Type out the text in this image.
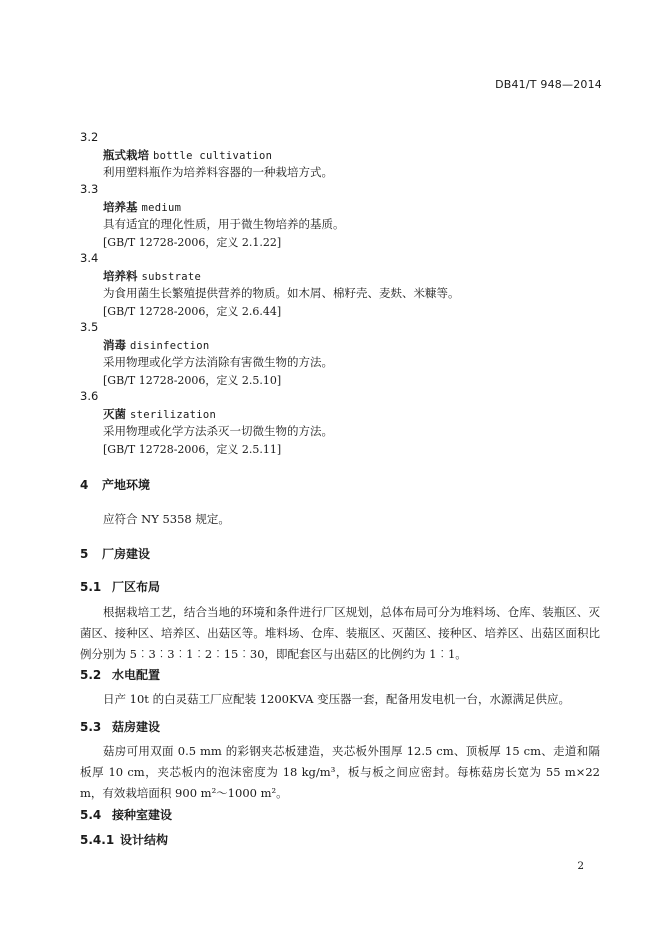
DB41/T 948—2014
3.2
瓶式栽培 bottle cultivation
利用塑料瓶作为培养料容器的一种栽培方式。
3.3
培养基 medium
具有适宜的理化性质，用于微生物培养的基质。
[GB/T 12728-2006，定义 2.1.22]
3.4
培养料 substrate
为食用菌生长繁殖提供营养的物质。如木屑、棉籽壳、麦麸、米糠等。
[GB/T 12728-2006，定义 2.6.44]
3.5
消毒 disinfection
采用物理或化学方法消除有害微生物的方法。
[GB/T 12728-2006，定义 2.5.10]
3.6
灭菌 sterilization
采用物理或化学方法杀灭一切微生物的方法。
[GB/T 12728-2006，定义 2.5.11]
4 产地环境
应符合 NY 5358 规定。
5 厂房建设
5.1 厂区布局
根据栽培工艺，结合当地的环境和条件进行厂区规划，总体布局可分为堆料场、仓库、装瓶区、灭菌区、接种区、培养区、出菇区等。堆料场、仓库、装瓶区、灭菌区、接种区、培养区、出菇区面积比例分别为 5︰3︰3︰1︰2︰15︰30，即配套区与出菇区的比例约为 1︰1。
5.2 水电配置
日产 10t 的白灵菇工厂应配装 1200KVA 变压器一套，配备用发电机一台，水源满足供应。
5.3 菇房建设
菇房可用双面 0.5 mm 的彩钢夹芯板建造，夹芯板外围厚 12.5 cm、顶板厚 15 cm、走道和隔板厚 10 cm，夹芯板内的泡沫密度为 18 kg/m³，板与板之间应密封。每栋菇房长宽为 55 m×22 m，有效栽培面积 900 m²～1000 m²。
5.4 接种室建设
5.4.1 设计结构
2
